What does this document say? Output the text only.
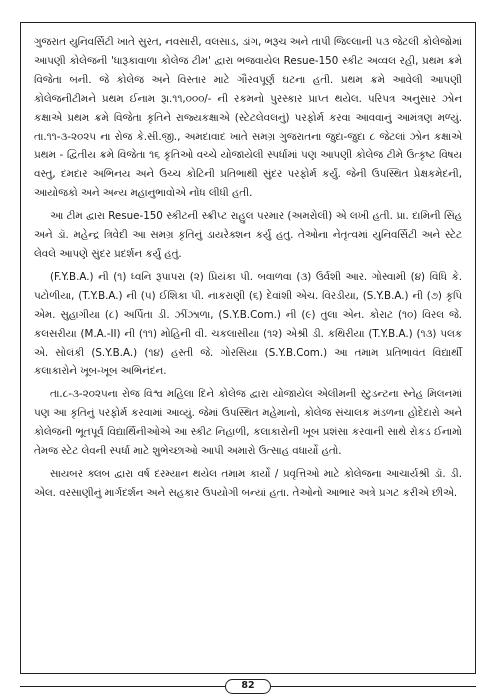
ગુજરાત યુનિવર્સિટી ખાતે સુરત, નવસારી, વલસાડ, ડાંગ, ભરૂચ અને તાપી જિલ્લાની ૫૩ જેટલી કોલેજોમાં આપણી કોલેજની 'ધારૂકાવાળા કોલેજ ટીમ' દ્વારા ભજવાયેલ Resue-150 સ્કીટ અવ્વલ રહી, પ્રથમ ક્રમે વિજેતા બની. જે કોલેજ અને વિસ્તાર માટે ગૌરવપૂર્ણ ઘટના હતી. પ્રથમ ક્રમે આવેલી આપણી કોલેજનીટીમને પ્રથમ ઈનામ રૂા.૧૧,૦૦૦/- ની રકમનો પુરસ્કાર પ્રાપ્ત થયેલ. પરિપત્ર અનુસાર ઝોન કક્ષાએ પ્રથમ ક્રમે વિજેતા કૃતિને રાજ્યકક્ષાએ (સ્ટેટલેવલનું) પરફોર્મ કરવા આવવાનું આમંત્રણ મળ્યું. તા.૧૧-૩-૨૦૨૫ ના રોજ કે.સી.જી., અમદાવાદ ખાતે સમગ્ર ગુજરાતના જુદા-જુદા ૮ જેટલાં ઝોન કક્ષાએ પ્રથમ - દ્વિતીય ક્રમે વિજેતા ૧૬ કૃતિઓ વચ્ચે યોજાયેલી સ્પર્ધામાં પણ આપણી કોલેજ ટીમે ઉત્કૃષ્ટ વિષય વસ્તુ, દમદાર અભિનય અને ઉચ્ચ કોટિની પ્રતિભાથી સુંદર પરફોર્મ કર્યું. જેની ઉપસ્થિત પ્રેક્ષકમેદની, આયોજકો અને અન્ય મહાનુભાવોએ નોંધ લીધી હતી.

આ ટીમ દ્વારા Resue-150 સ્કીટની સ્ક્રીપ્ટ રાહુલ પરમાર (અમરોલી) એ લખી હતી. પ્રા. દામિની સિંહ અને ડૉ. મહેન્દ્ર ત્રિવેદી આ સમગ્ર કૃતિનું ડાયરેક્શન કર્યું હતુ. તેઓના નેતૃત્વમાં યુનિવર્સિટી અને સ્ટેટ લેવલે આપણે સુંદર પ્રદર્શન કર્યું હતું.

(F.Y.B.A.) ની (૧) ધ્વનિ રૂપાપરા (૨) પ્રિયંકા પી. બવાળવા (૩) ઉર્વશી આર. ગોસ્વામી (૪) વિધિ કે. પટોળીયા, (T.Y.B.A.) ની (૫) ઈશિકા પી. નાકરાણી (૬) દેવાંશી એચ. વિરડીયા, (S.Y.B.A.) ની (૭) કૃપિ એમ. સુહાગીયા (૮) અર્પિતા ડી. ઝીંઝાળા, (S.Y.B.Com.) ની (૯) તુલા એન. કોરાટ (૧૦) વિરલ જે. કલસરીયા (M.A.-II) ની (૧૧) મોહિની વી. ચકલાસીયા (૧૨) એશ્રી ડી. કથિરીયા (T.Y.B.A.) (૧૩) પલક એ. સોલંકી (S.Y.B.A.) (૧૪) હસ્તી જે. ગોરસિયા (S.Y.B.Com.) આ તમામ પ્રતિભાવંત વિદ્યાર્થી કલાકારોને ખૂબ-ખૂબ અભિનંદન.

તા.૮-૩-૨૦૨૫ના રોજ વિશ્વ મહિલા દિને કોલેજ દ્વારા યોજાયેલ એલીમની સ્ટુડન્ટના સ્નેહ મિલનમાં પણ આ કૃતિનું પરફોર્મ કરવામાં આવ્યું. જેમાં ઉપસ્થિત મહેમાનો, કોલેજ સંચાલક મંડળના હોદેદારો અને કોલેજની ભૂતપૂર્વ વિદ્યાર્થિનીઓએ આ સ્કીટ નિહાળી, કલાકારોની ખૂબ પ્રશંસા કરવાની સાથે રોકડ ઈનામો તેમજ સ્ટેટ લેવની સ્પર્ધા માટે શુભેચ્છાઓ આપી અમારો ઉત્સાહ વધાર્યો હતો.

સાયબર ક્લબ દ્વારા વર્ષ દરમ્યાન થયેલ તમામ કાર્યો / પ્રવૃત્તિઓ માટે કોલેજના આચાર્યશ્રી ડૉ. ડી. એલ. વરસાણીનું માર્ગદર્શન અને સહકાર ઉપયોગી બન્યાં હતા. તેઓનો આભાર અત્રે પ્રગટ કરીએ છીએ.

82
